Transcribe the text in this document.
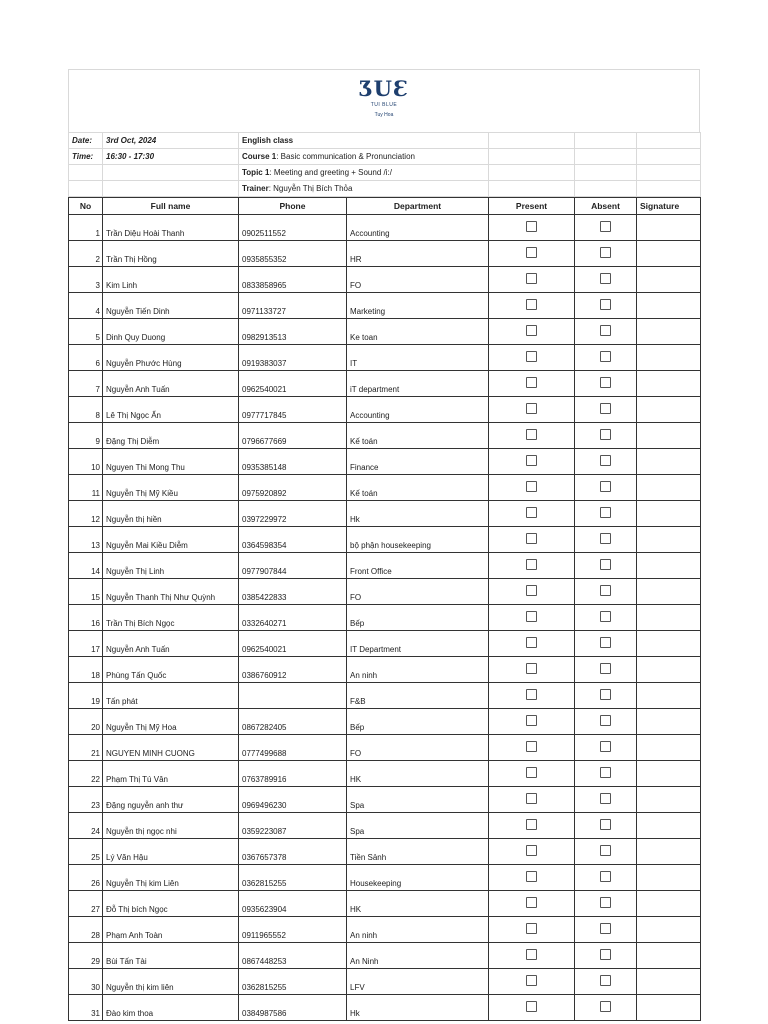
ƷUƐ
TUI BLUE
Tuy Hoa
Date:	3rd Oct, 2024	English class			
Time:	16:30 - 17:30	Course 1: Basic communication & Pronunciation			
		Topic 1: Meeting and greeting + Sound /i:/			
		Trainer: Nguyễn Thị Bích Thỏa			
No	Full name	Phone	Department	Present	Absent	Signature
1	Trần Diệu Hoài Thanh	0902511552	Accounting			
2	Trần Thị Hồng	0935855352	HR			
3	Kim Linh	0833858965	FO			
4	Nguyễn Tiến Dinh	0971133727	Marketing			
5	Dinh Quy Duong	0982913513	Ke toan			
6	Nguyễn Phước Hùng	0919383037	IT			
7	Nguyễn Anh Tuấn	0962540021	iT department			
8	Lê Thị Ngọc Ẩn	0977717845	Accounting			
9	Đặng Thị Diễm	0796677669	Kế toán			
10	Nguyen Thi Mong Thu	0935385148	Finance			
11	Nguyễn Thị Mỹ Kiều	0975920892	Kế toán			
12	Nguyễn thị hiền	0397229972	Hk			
13	Nguyễn Mai Kiều Diễm	0364598354	bộ phận housekeeping			
14	Nguyễn Thị Linh	0977907844	Front Office			
15	Nguyễn Thanh Thị Như Quỳnh	0385422833	FO			
16	Trần Thị Bích Ngọc	0332640271	Bếp			
17	Nguyễn Anh Tuấn	0962540021	IT Department			
18	Phùng Tấn Quốc	0386760912	An ninh			
19	Tấn phát		F&B			
20	Nguyễn Thị Mỹ Hoa	0867282405	Bếp			
21	NGUYEN MINH CUONG	0777499688	FO			
22	Phạm Thị Tú Vân	0763789916	HK			
23	Đặng nguyễn anh thư	0969496230	Spa			
24	Nguyễn thị ngọc nhi	0359223087	Spa			
25	Lý Văn Hậu	0367657378	Tiền Sảnh			
26	Nguyễn Thị kim Liên	0362815255	Housekeeping			
27	Đỗ Thị bích Ngọc	0935623904	HK			
28	Phạm Anh Toàn	0911965552	An ninh			
29	Bùi Tấn Tài	0867448253	An Ninh			
30	Nguyễn thị kim liên	0362815255	LFV			
31	Đào kim thoa	0384987586	Hk			
